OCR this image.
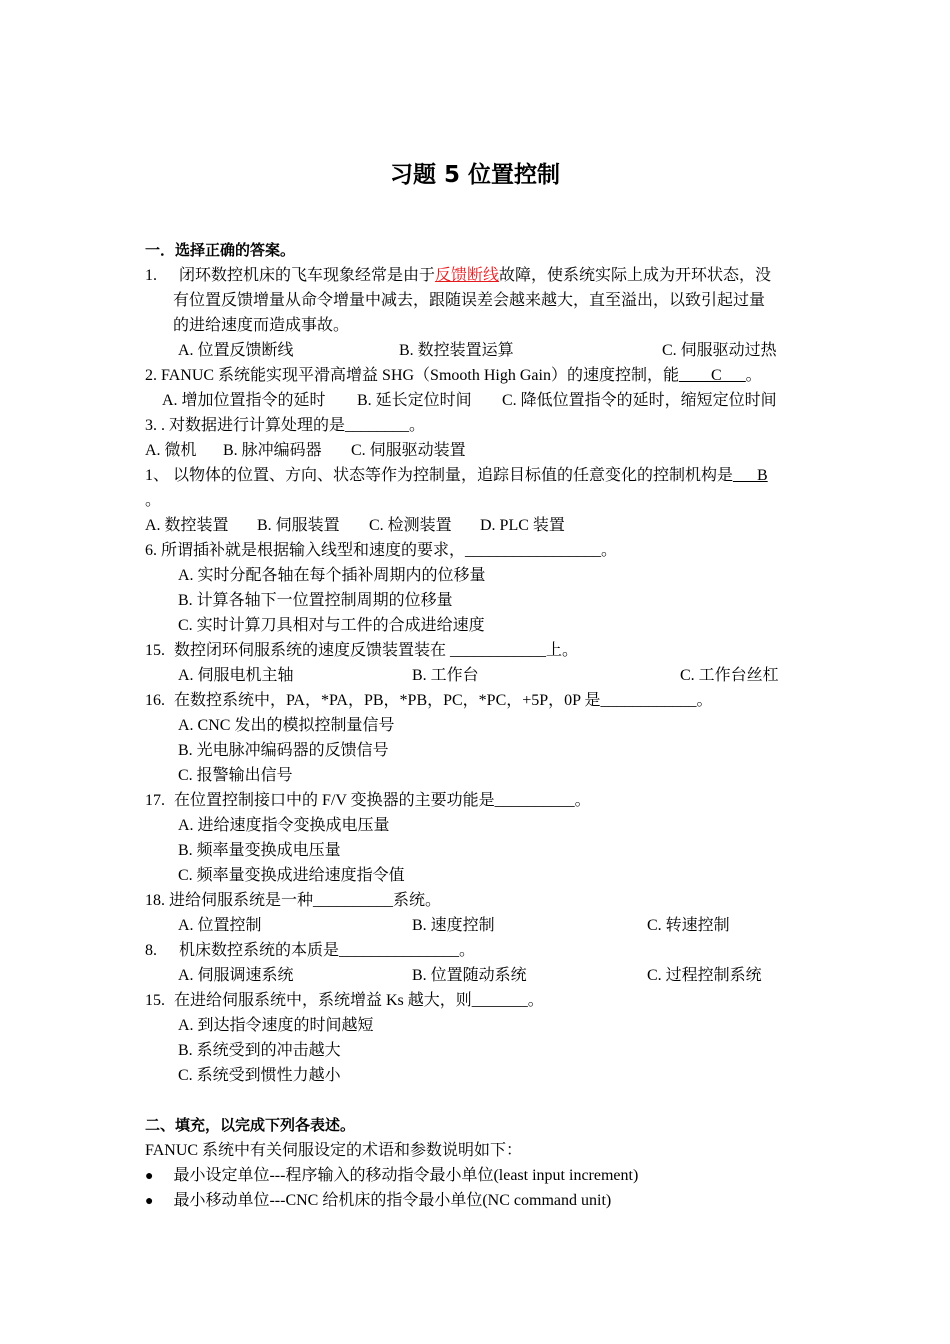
习题 5 位置控制
一．选择正确的答案。
1. 闭环数控机床的飞车现象经常是由于反馈断线故障，使系统实际上成为开环状态，没
有位置反馈增量从命令增量中减去，跟随误差会越来越大，直至溢出，以致引起过量
的进给速度而造成事故。
A. 位置反馈断线	B. 数控装置运算	C. 伺服驱动过热
2. FANUC 系统能实现平滑高增益 SHG（Smooth High Gain）的速度控制，能____C___。
A. 增加位置指令的延时 B. 延长定位时间 C. 降低位置指令的延时，缩短定位时间
3. . 对数据进行计算处理的是________。
A. 微机 B. 脉冲编码器 C. 伺服驱动装置
1、 以物体的位置、方向、状态等作为控制量，追踪目标值的任意变化的控制机构是___B
。
A. 数控装置 B. 伺服装置 C. 检测装置 D. PLC 装置
6. 所谓插补就是根据输入线型和速度的要求，_________________。
A. 实时分配各轴在每个插补周期内的位移量
B. 计算各轴下一位置控制周期的位移量
C. 实时计算刀具相对与工件的合成进给速度
15. 数控闭环伺服系统的速度反馈装置装在 ____________上。
A. 伺服电机主轴	B. 工作台	C. 工作台丝杠
16. 在数控系统中，PA，*PA，PB，*PB，PC，*PC，+5P，0P 是____________。
A. CNC 发出的模拟控制量信号
B. 光电脉冲编码器的反馈信号
C. 报警输出信号
17. 在位置控制接口中的 F/V 变换器的主要功能是__________。
A. 进给速度指令变换成电压量
B. 频率量变换成电压量
C. 频率量变换成进给速度指令值
18. 进给伺服系统是一种__________系统。
A. 位置控制	B. 速度控制	C. 转速控制
8. 机床数控系统的本质是_______________。
A. 伺服调速系统	B. 位置随动系统	C. 过程控制系统
15. 在进给伺服系统中，系统增益 Ks 越大，则_______。
A. 到达指令速度的时间越短
B. 系统受到的冲击越大
C. 系统受到惯性力越小
二、填充，以完成下列各表述。
FANUC 系统中有关伺服设定的术语和参数说明如下：
● 最小设定单位---程序输入的移动指令最小单位(least input increment)
● 最小移动单位---CNC 给机床的指令最小单位(NC command unit)
